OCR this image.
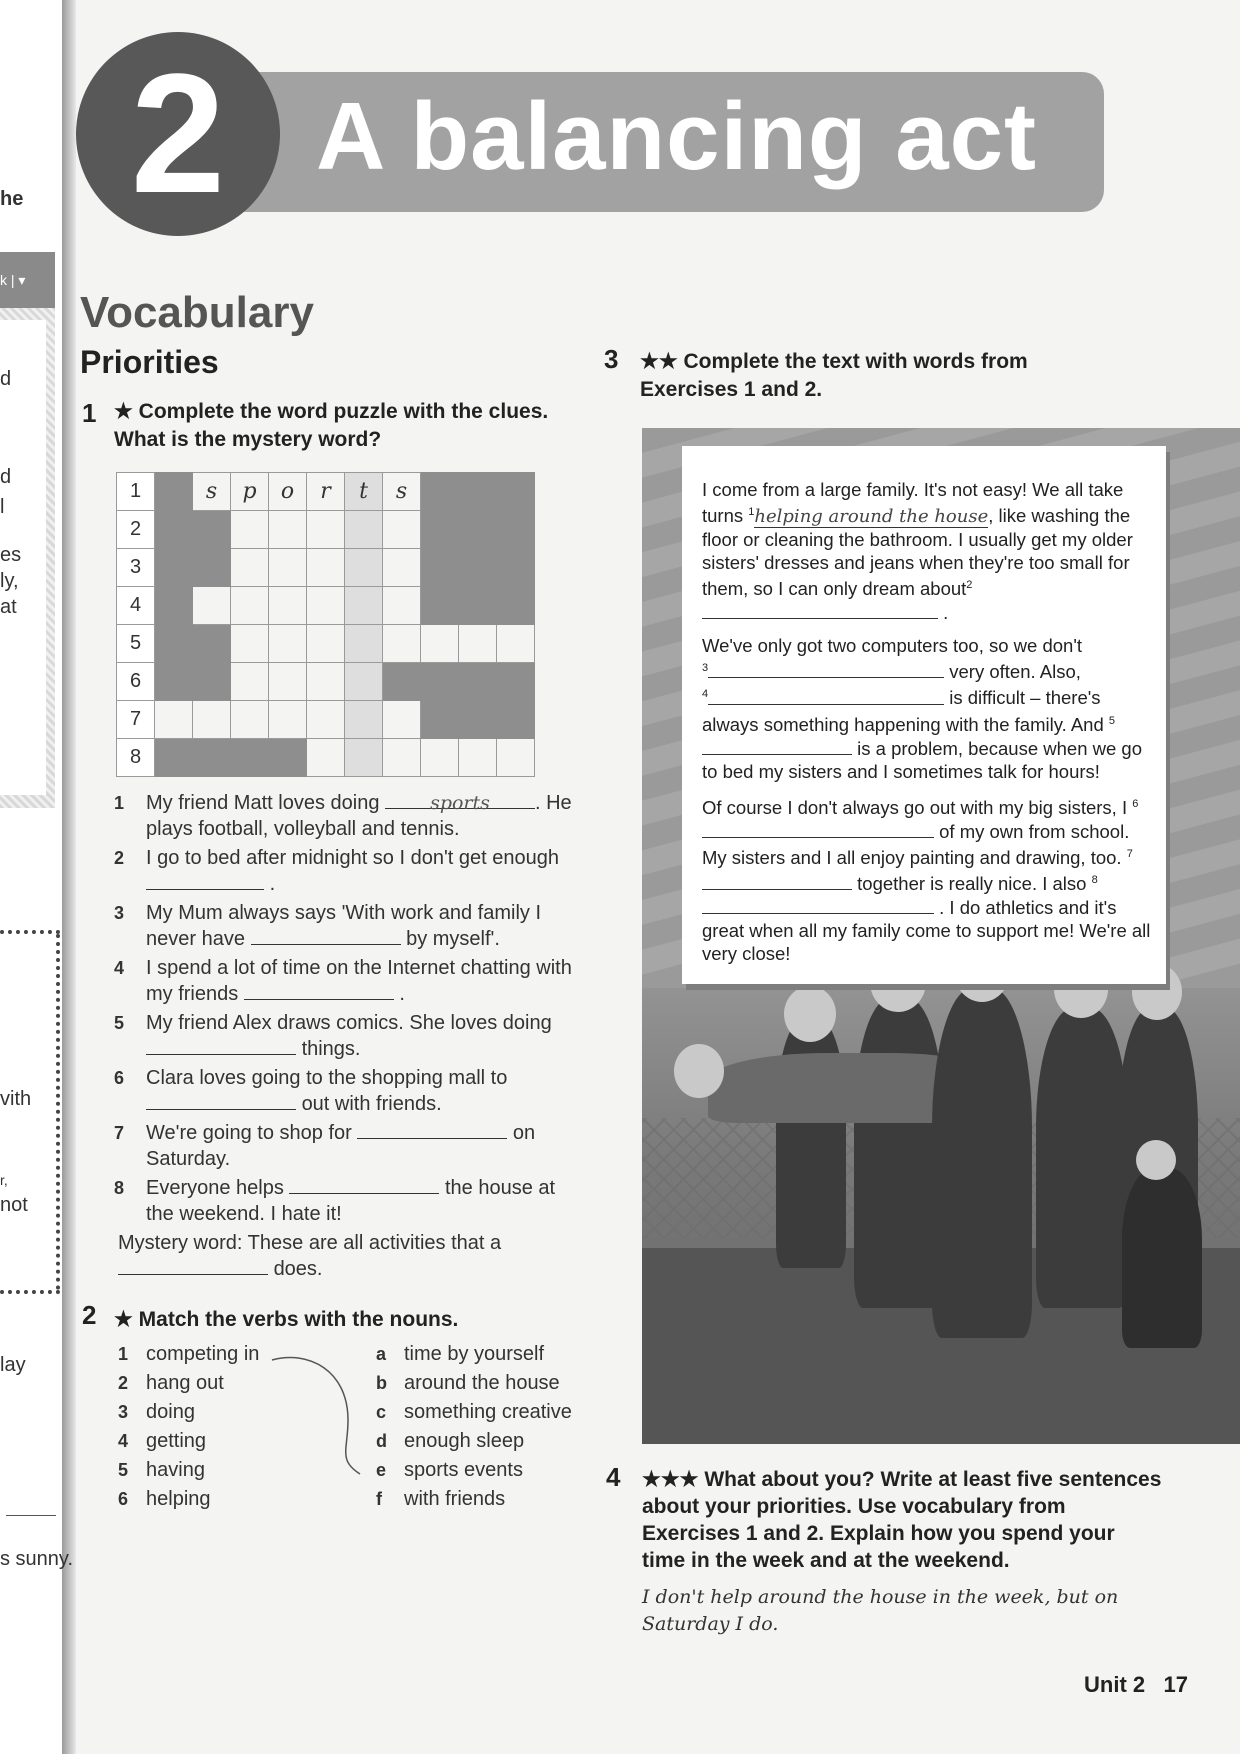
he
k | ▾
d
d
l
es
ly,
at
vith
r,
not
lay
s sunny.
A balancing act
2
Vocabulary
Priorities
1 ★ Complete the word puzzle with the clues. What is the mystery word?
1		s	p	o	r	t	s			
2										
3										
4										
5										
6										
7										
8										
1 My friend Matt loves doing	sports . He plays football, volleyball and tennis.
2 I go to bed after midnight so I don't get enough  .
3 My Mum always says 'With work and family I never have	by myself'.
4 I spend a lot of time on the Internet chatting with my friends	.
5 My friend Alex draws comics. She loves doing  things.
6 Clara loves going to the shopping mall to  out with friends.
7 We're going to shop for	on Saturday.
8 Everyone helps	the house at the weekend. I hate it!
Mystery word: These are all activities that a  does.
2 ★ Match the verbs with the nouns.
1 competing in
2 hang out
3 doing
4 getting
5 having
6 helping
a time by yourself
b around the house
c something creative
d enough sleep
e sports events
f with friends
3 ★★ Complete the text with words from Exercises 1 and 2.

I come from a large family. It's not easy! We all take turns $^1$helping around the house, like washing the floor or cleaning the bathroom. I usually get my older sisters' dresses and jeans when they're too small for them, so I can only dream about$^2$ .

We've only got two computers too, so we don't
$^3$	very often. Also,
$^4$	is difficult – there's always something happening with the family. And $^5$ is a problem, because when we go to bed my sisters and I sometimes talk for hours!

Of course I don't always go out with my big sisters, I $^6$ of my own from school. My sisters and I all enjoy painting and drawing, too. $^7$ together is really nice. I also $^8$ . I do athletics and it's great when all my family come to support me! We're all very close!

4 ★★★ What about you? Write at least five sentences about your priorities. Use vocabulary from Exercises 1 and 2. Explain how you spend your time in the week and at the weekend.
I don't help around the house in the week, but on Saturday I do.
Unit 2 17
